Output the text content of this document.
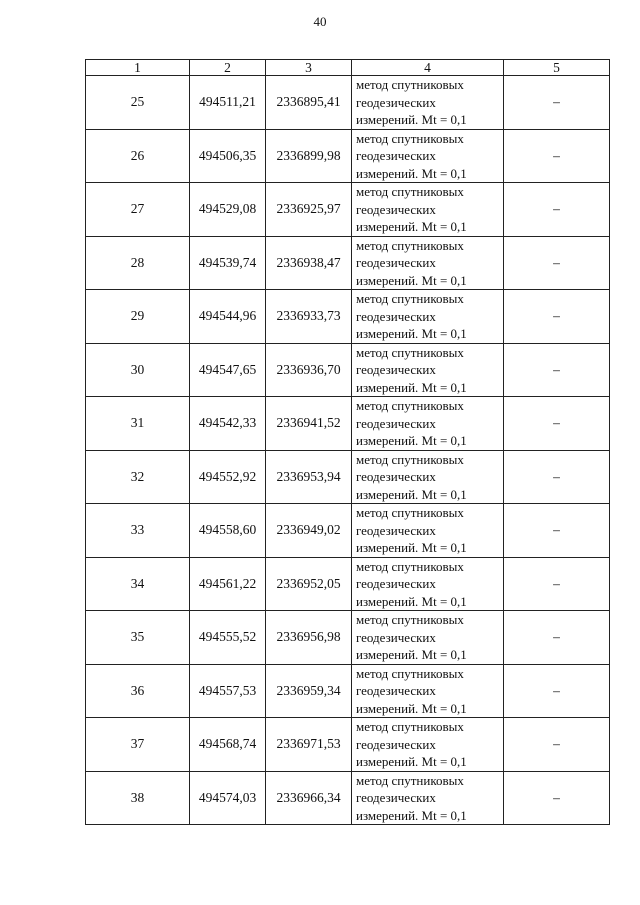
40
1	2	3	4	5
25	494511,21	2336895,41	метод спутниковых
геодезических
измерений. Mt = 0,1	–
26	494506,35	2336899,98	метод спутниковых
геодезических
измерений. Mt = 0,1	–
27	494529,08	2336925,97	метод спутниковых
геодезических
измерений. Mt = 0,1	–
28	494539,74	2336938,47	метод спутниковых
геодезических
измерений. Mt = 0,1	–
29	494544,96	2336933,73	метод спутниковых
геодезических
измерений. Mt = 0,1	–
30	494547,65	2336936,70	метод спутниковых
геодезических
измерений. Mt = 0,1	–
31	494542,33	2336941,52	метод спутниковых
геодезических
измерений. Mt = 0,1	–
32	494552,92	2336953,94	метод спутниковых
геодезических
измерений. Mt = 0,1	–
33	494558,60	2336949,02	метод спутниковых
геодезических
измерений. Mt = 0,1	–
34	494561,22	2336952,05	метод спутниковых
геодезических
измерений. Mt = 0,1	–
35	494555,52	2336956,98	метод спутниковых
геодезических
измерений. Mt = 0,1	–
36	494557,53	2336959,34	метод спутниковых
геодезических
измерений. Mt = 0,1	–
37	494568,74	2336971,53	метод спутниковых
геодезических
измерений. Mt = 0,1	–
38	494574,03	2336966,34	метод спутниковых
геодезических
измерений. Mt = 0,1	–
